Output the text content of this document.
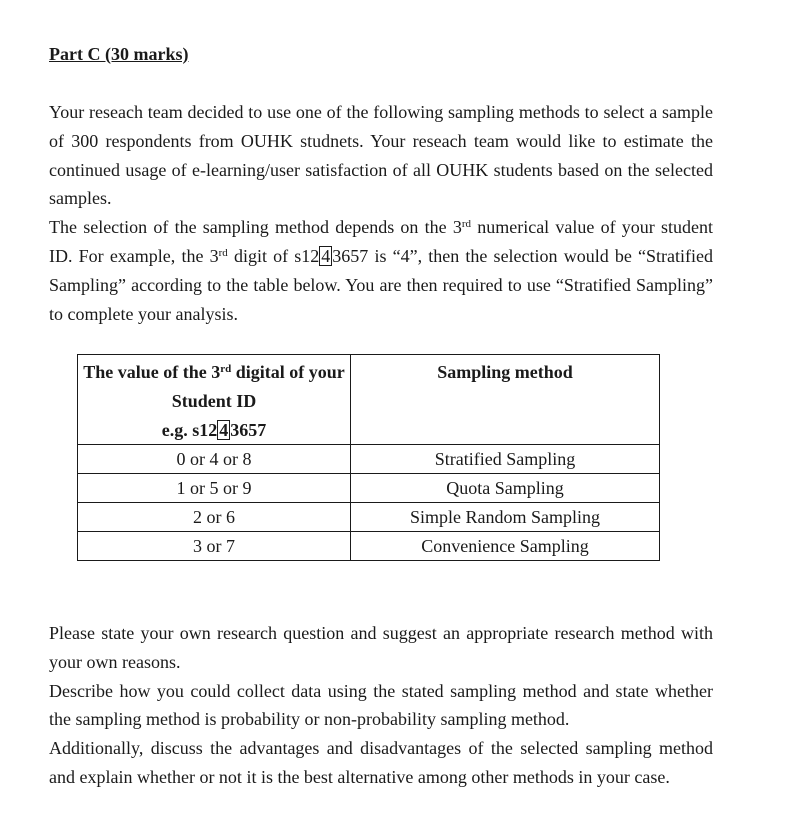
Part C (30 marks)

Your reseach team decided to use one of the following sampling methods to select a sample of 300 respondents from OUHK studnets. Your reseach team would like to estimate the continued usage of e-learning/user satisfaction of all OUHK students based on the selected samples.

The selection of the sampling method depends on the 3rd numerical value of your student ID. For example, the 3rd digit of s12 4 3657 is “4”, then the selection would be “Stratified Sampling” according to the table below. You are then required to use “Stratified Sampling” to complete your analysis.

Please state your own research question and suggest an appropriate research method with your own reasons.

Describe how you could collect data using the stated sampling method and state whether the sampling method is probability or non-probability sampling method.

Additionally, discuss the advantages and disadvantages of the selected sampling method and explain whether or not it is the best alternative among other methods in your case.

The value of the 3rd digital of your Student ID
e.g. s12 4 3657	Sampling method
0 or 4 or 8	Stratified Sampling
1 or 5 or 9	Quota Sampling
2 or 6	Simple Random Sampling
3 or 7	Convenience Sampling
